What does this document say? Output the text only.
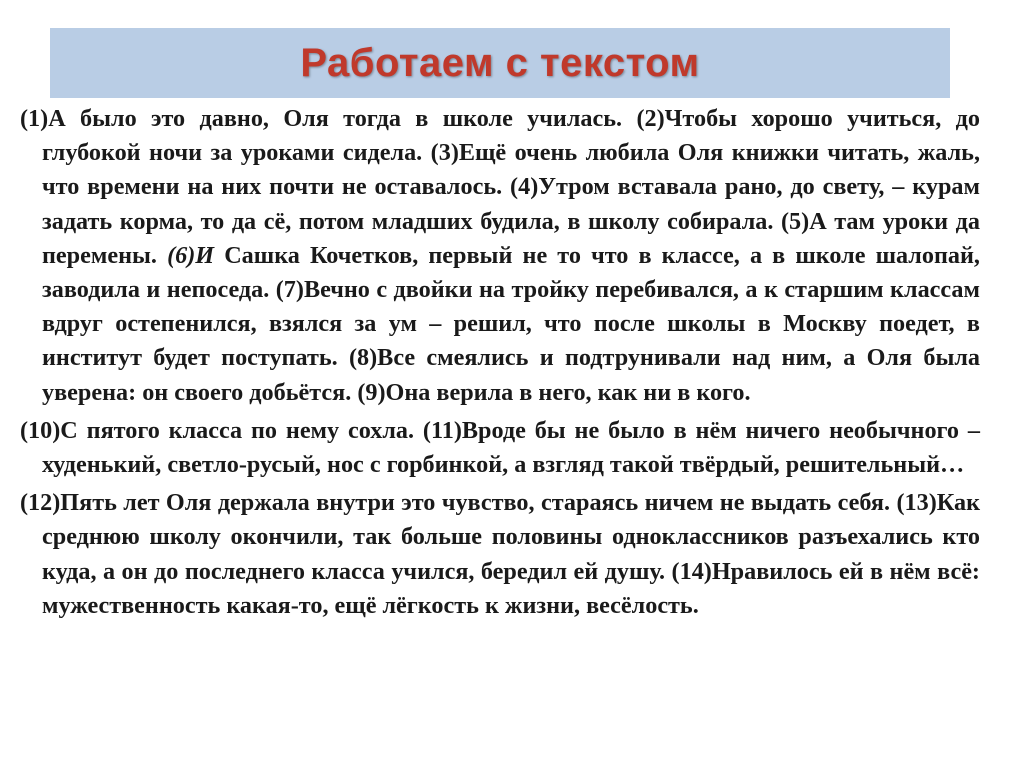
Работаем с текстом

(1)А было это давно, Оля тогда в школе училась. (2)Чтобы хорошо учиться, до глубокой ночи за уроками сидела. (3)Ещё очень любила Оля книжки читать, жаль, что времени на них почти не оставалось. (4)Утром вставала рано, до свету, – курам задать корма, то да сё, потом младших будила, в школу собирала. (5)А там уроки да перемены. (6)И Сашка Кочетков, первый не то что в классе, а в школе шалопай, заводила и непоседа. (7)Вечно с двойки на тройку перебивался, а к старшим классам вдруг остепенился, взялся за ум – решил, что после школы в Москву поедет, в институт будет поступать. (8)Все смеялись и подтрунивали над ним, а Оля была уверена: он своего добьётся. (9)Она верила в него, как ни в кого.

(10)С пятого класса по нему сохла. (11)Вроде бы не было в нём ничего необычного – худенький, светло-русый, нос с горбинкой, а взгляд такой твёрдый, решительный…

(12)Пять лет Оля держала внутри это чувство, стараясь ничем не выдать себя. (13)Как среднюю школу окончили, так больше половины одноклассников разъехались кто куда, а он до последнего класса учился, бередил ей душу. (14)Нравилось ей в нём всё: мужественность какая-то, ещё лёгкость к жизни, весёлость.
